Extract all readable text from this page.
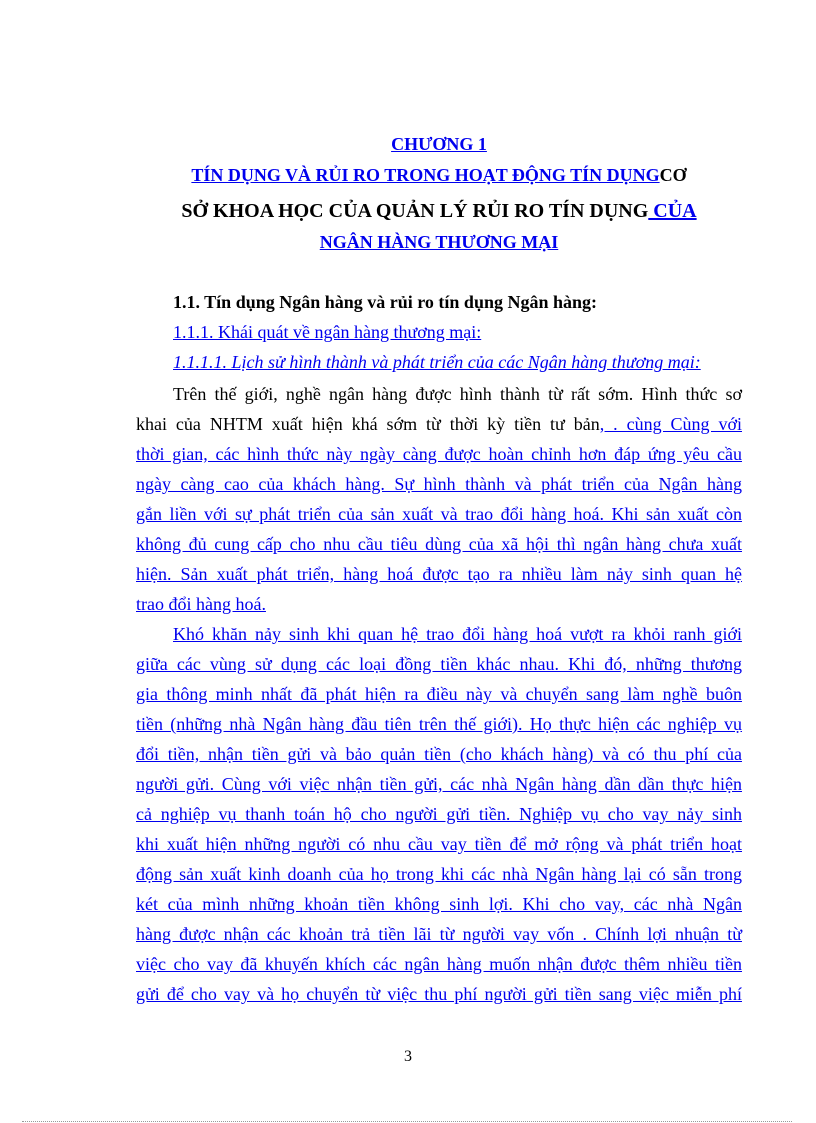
CHƯƠNG 1
TÍN DỤNG VÀ RỦI RO TRONG HOẠT ĐỘNG TÍN DỤNGCƠ
SỞ KHOA HỌC CỦA QUẢN LÝ RỦI RO TÍN DỤNG CỦA
NGÂN HÀNG THƯƠNG MẠI
1.1. Tín dụng Ngân hàng và rủi ro tín dụng Ngân hàng:
1.1.1. Khái quát về ngân hàng thương mại:
1.1.1.1. Lịch sử hình thành và phát triển của các Ngân hàng thương mại:
Trên thế giới, nghề ngân hàng được hình thành từ rất sớm. Hình thức sơ
khai của NHTM xuất hiện khá sớm từ thời kỳ tiền tư bản, . cùng Cùng với
thời gian, các hình thức này ngày càng được hoàn chỉnh hơn đáp ứng yêu cầu
ngày càng cao của khách hàng. Sự hình thành và phát triển của Ngân hàng
gắn liền với sự phát triển của sản xuất và trao đổi hàng hoá. Khi sản xuất còn
không đủ cung cấp cho nhu cầu tiêu dùng của xã hội thì ngân hàng chưa xuất
hiện. Sản xuất phát triển, hàng hoá được tạo ra nhiều làm nảy sinh quan hệ
trao đổi hàng hoá.
Khó khăn nảy sinh khi quan hệ trao đổi hàng hoá vượt ra khỏi ranh giới
giữa các vùng sử dụng các loại đồng tiền khác nhau. Khi đó, những thương
gia thông minh nhất đã phát hiện ra điều này và chuyển sang làm nghề buôn
tiền (những nhà Ngân hàng đầu tiên trên thế giới). Họ thực hiện các nghiệp vụ
đổi tiền, nhận tiền gửi và bảo quản tiền (cho khách hàng) và có thu phí của
người gửi. Cùng với việc nhận tiền gửi, các nhà Ngân hàng dần dần thực hiện
cả nghiệp vụ thanh toán hộ cho người gửi tiền. Nghiệp vụ cho vay nảy sinh
khi xuất hiện những người có nhu cầu vay tiền để mở rộng và phát triển hoạt
động sản xuất kinh doanh của họ trong khi các nhà Ngân hàng lại có sẵn trong
két của mình những khoản tiền không sinh lợi. Khi cho vay, các nhà Ngân
hàng được nhận các khoản trả tiền lãi từ người vay vốn . Chính lợi nhuận từ
việc cho vay đã khuyến khích các ngân hàng muốn nhận được thêm nhiều tiền
gửi để cho vay và họ chuyển từ việc thu phí người gửi tiền sang việc miễn phí
3
